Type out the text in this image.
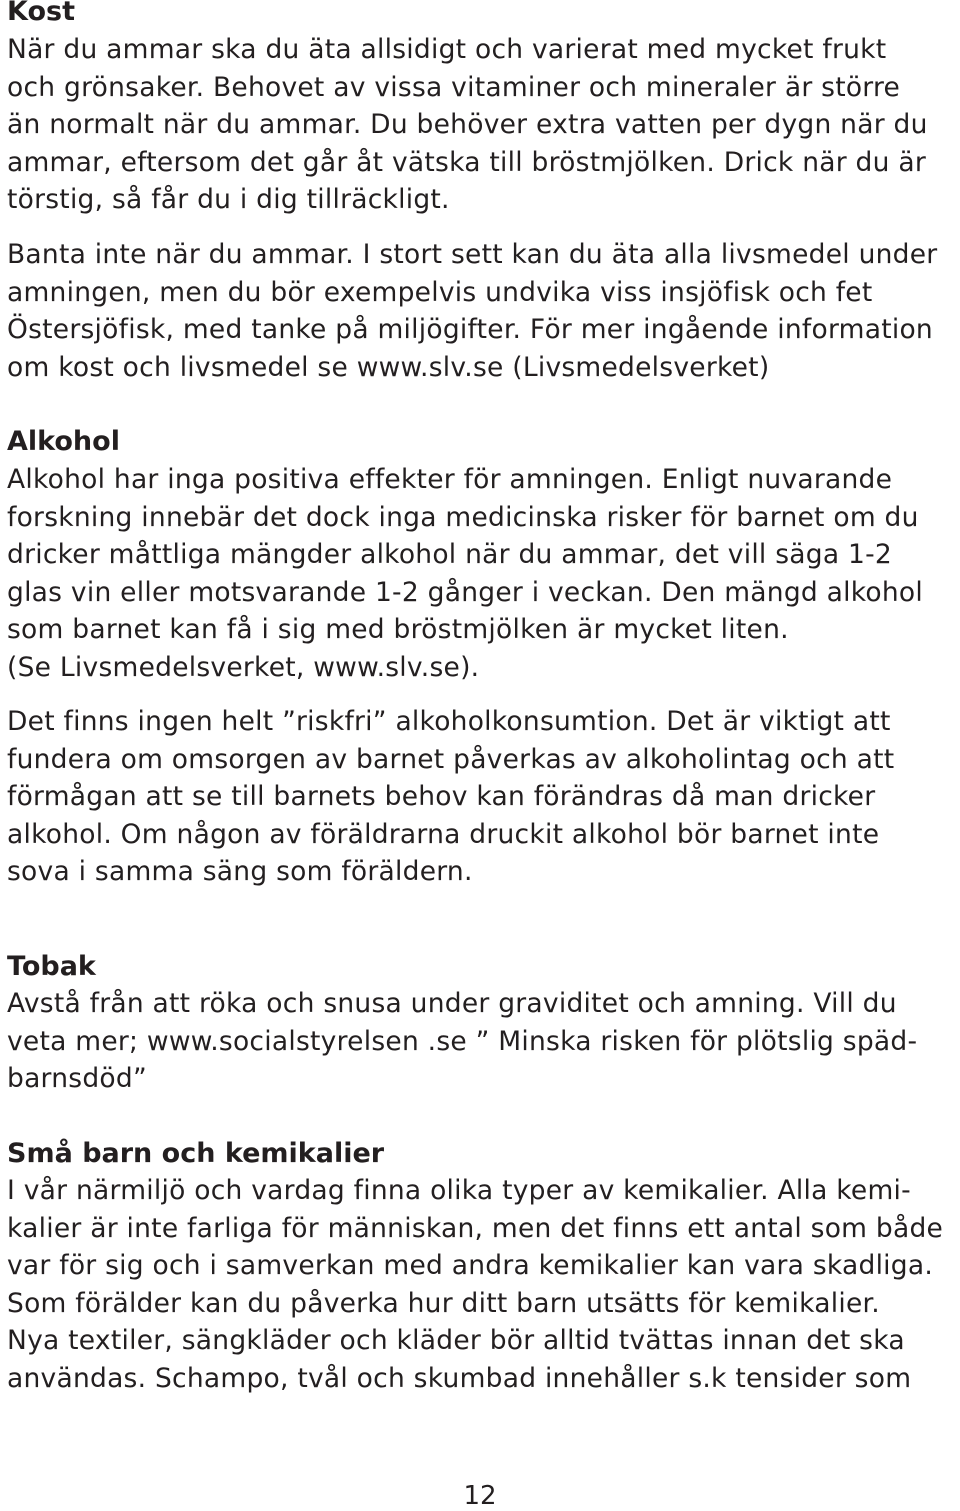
Kost

När du ammar ska du äta allsidigt och varierat med mycket frukt
och grönsaker. Behovet av vissa vitaminer och mineraler är större
än normalt när du ammar. Du behöver extra vatten per dygn när du
ammar, eftersom det går åt vätska till bröstmjölken. Drick när du är
törstig, så får du i dig tillräckligt.

Banta inte när du ammar. I stort sett kan du äta alla livsmedel under
amningen, men du bör exempelvis undvika viss insjöfisk och fet
Östersjöfisk, med tanke på miljögifter. För mer ingående information
om kost och livsmedel se www.slv.se (Livsmedelsverket)

Alkohol

Alkohol har inga positiva effekter för amningen. Enligt nuvarande
forskning innebär det dock inga medicinska risker för barnet om du
dricker måttliga mängder alkohol när du ammar, det vill säga 1-2
glas vin eller motsvarande 1-2 gånger i veckan. Den mängd alkohol
som barnet kan få i sig med bröstmjölken är mycket liten.
(Se Livsmedelsverket, www.slv.se).

Det finns ingen helt ”riskfri” alkoholkonsumtion. Det är viktigt att
fundera om omsorgen av barnet påverkas av alkoholintag och att
förmågan att se till barnets behov kan förändras då man dricker
alkohol. Om någon av föräldrarna druckit alkohol bör barnet inte
sova i samma säng som föräldern.

Tobak

Avstå från att röka och snusa under graviditet och amning. Vill du
veta mer; www.socialstyrelsen .se ” Minska risken för plötslig späd-
barnsdöd”

Små barn och kemikalier

I vår närmiljö och vardag finna olika typer av kemikalier. Alla kemi-
kalier är inte farliga för människan, men det finns ett antal som både
var för sig och i samverkan med andra kemikalier kan vara skadliga.
Som förälder kan du påverka hur ditt barn utsätts för kemikalier.
Nya textiler, sängkläder och kläder bör alltid tvättas innan det ska
användas. Schampo, tvål och skumbad innehåller s.k tensider som

12
